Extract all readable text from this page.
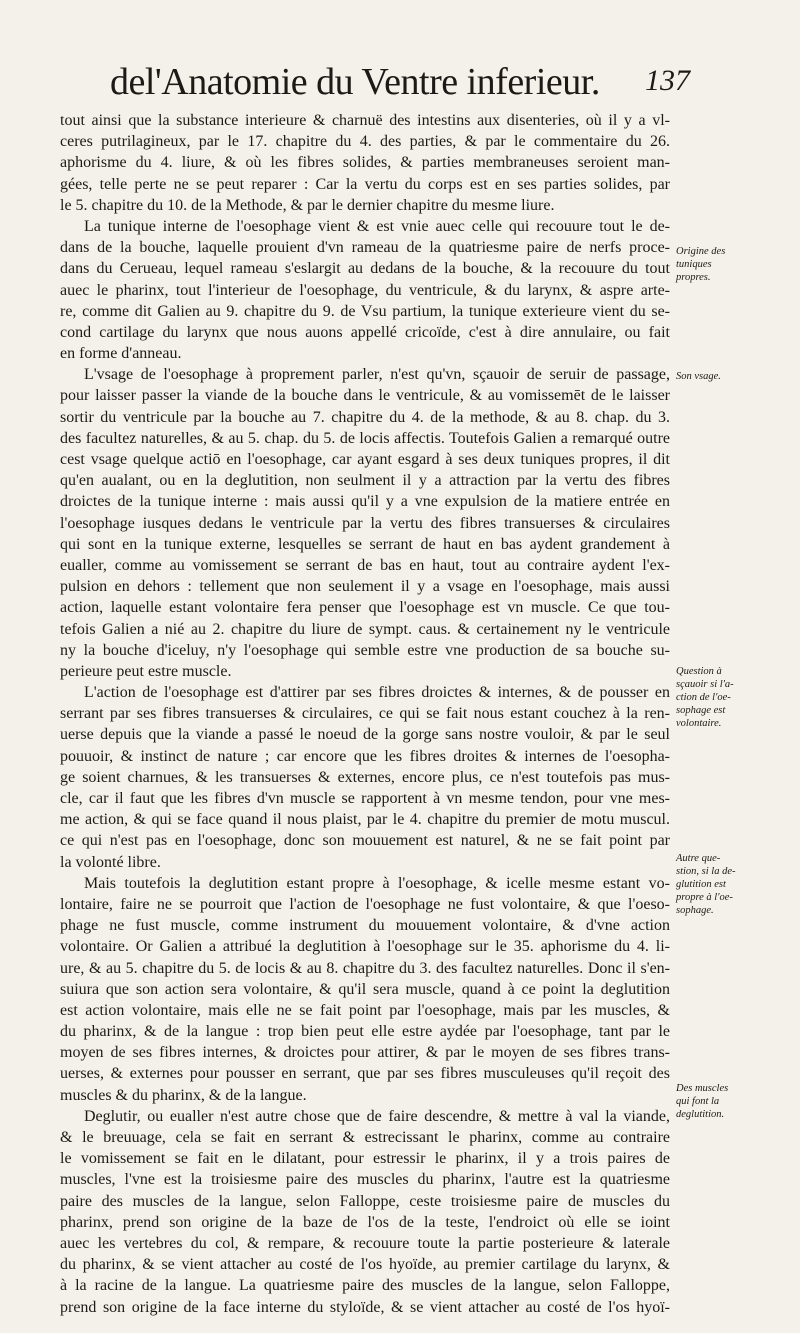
del'Anatomie du Ventre inferieur. 137
tout ainsi que la substance interieure & charnuë des intestins aux disenteries, où il y a vl-
ceres putrilagineux, par le 17. chapitre du 4. des parties, & par le commentaire du 26.
aphorisme du 4. liure, & où les fibres solides, & parties membraneuses seroient man-
gées, telle perte ne se peut reparer : Car la vertu du corps est en ses parties solides, par
le 5. chapitre du 10. de la Methode, & par le dernier chapitre du mesme liure.
La tunique interne de l'oesophage vient & est vnie auec celle qui recouure tout le de-
dans de la bouche, laquelle prouient d'vn rameau de la quatriesme paire de nerfs proce-
dans du Cerueau, lequel rameau s'eslargit au dedans de la bouche, & la recouure du tout
auec le pharinx, tout l'interieur de l'oesophage, du ventricule, & du larynx, & aspre arte-
re, comme dit Galien au 9. chapitre du 9. de Vsu partium, la tunique exterieure vient du se-
cond cartilage du larynx que nous auons appellé cricoïde, c'est à dire annulaire, ou fait
en forme d'anneau.
L'vsage de l'oesophage à proprement parler, n'est qu'vn, sçauoir de seruir de passage,
pour laisser passer la viande de la bouche dans le ventricule, & au vomissemēt de le laisser
sortir du ventricule par la bouche au 7. chapitre du 4. de la methode, & au 8. chap. du 3.
des facultez naturelles, & au 5. chap. du 5. de locis affectis. Toutefois Galien a remarqué outre
cest vsage quelque actiō en l'oesophage, car ayant esgard à ses deux tuniques propres, il dit
qu'en aualant, ou en la deglutition, non seulment il y a attraction par la vertu des fibres
droictes de la tunique interne : mais aussi qu'il y a vne expulsion de la matiere entrée en
l'oesophage iusques dedans le ventricule par la vertu des fibres transuerses & circulaires
qui sont en la tunique externe, lesquelles se serrant de haut en bas aydent grandement à
eualler, comme au vomissement se serrant de bas en haut, tout au contraire aydent l'ex-
pulsion en dehors : tellement que non seulement il y a vsage en l'oesophage, mais aussi
action, laquelle estant volontaire fera penser que l'oesophage est vn muscle. Ce que tou-
tefois Galien a nié au 2. chapitre du liure de sympt. caus. & certainement ny le ventricule
ny la bouche d'iceluy, n'y l'oesophage qui semble estre vne production de sa bouche su-
perieure peut estre muscle.
L'action de l'oesophage est d'attirer par ses fibres droictes & internes, & de pousser en
serrant par ses fibres transuerses & circulaires, ce qui se fait nous estant couchez à la ren-
uerse depuis que la viande a passé le noeud de la gorge sans nostre vouloir, & par le seul
pouuoir, & instinct de nature ; car encore que les fibres droites & internes de l'oesopha-
ge soient charnues, & les transuerses & externes, encore plus, ce n'est toutefois pas mus-
cle, car il faut que les fibres d'vn muscle se rapportent à vn mesme tendon, pour vne mes-
me action, & qui se face quand il nous plaist, par le 4. chapitre du premier de motu muscul.
ce qui n'est pas en l'oesophage, donc son mouuement est naturel, & ne se fait point par
la volonté libre.
Mais toutefois la deglutition estant propre à l'oesophage, & icelle mesme estant vo-
lontaire, faire ne se pourroit que l'action de l'oesophage ne fust volontaire, & que l'oeso-
phage ne fust muscle, comme instrument du mouuement volontaire, & d'vne action
volontaire. Or Galien a attribué la deglutition à l'oesophage sur le 35. aphorisme du 4. li-
ure, & au 5. chapitre du 5. de locis & au 8. chapitre du 3. des facultez naturelles. Donc il s'en-
suiura que son action sera volontaire, & qu'il sera muscle, quand à ce point la deglutition
est action volontaire, mais elle ne se fait point par l'oesophage, mais par les muscles, &
du pharinx, & de la langue : trop bien peut elle estre aydée par l'oesophage, tant par le
moyen de ses fibres internes, & droictes pour attirer, & par le moyen de ses fibres trans-
uerses, & externes pour pousser en serrant, que par ses fibres musculeuses qu'il reçoit des
muscles & du pharinx, & de la langue.
Deglutir, ou eualler n'est autre chose que de faire descendre, & mettre à val la viande,
& le breuuage, cela se fait en serrant & estrecissant le pharinx, comme au contraire
le vomissement se fait en le dilatant, pour estressir le pharinx, il y a trois paires de
muscles, l'vne est la troisiesme paire des muscles du pharinx, l'autre est la quatriesme
paire des muscles de la langue, selon Falloppe, ceste troisiesme paire de muscles du
pharinx, prend son origine de la baze de l'os de la teste, l'endroict où elle se ioint
auec les vertebres du col, & rempare, & recouure toute la partie posterieure & laterale
du pharinx, & se vient attacher au costé de l'os hyoïde, au premier cartilage du larynx, &
à la racine de la langue. La quatriesme paire des muscles de la langue, selon Falloppe,
prend son origine de la face interne du styloïde, & se vient attacher au costé de l'os hyoï-
Origine des
tuniques
propres.
Son vsage.
Question à
sçauoir si l'a-
ction de l'oe-
sophage est
volontaire.
Autre que-
stion, si la de-
glutition est
propre à l'oe-
sophage.
Des muscles
qui font la
deglutition.
